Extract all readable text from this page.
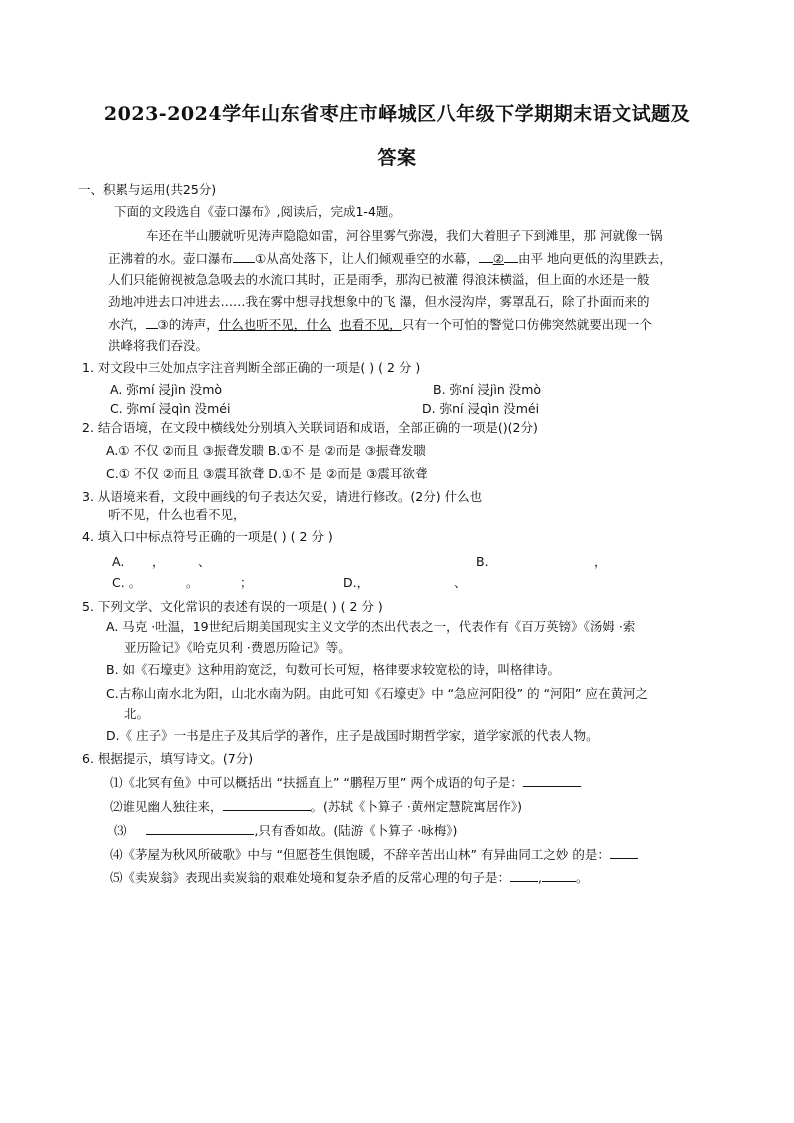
2023-2024学年山东省枣庄市峄城区八年级下学期期末语文试题及
答案
一、积累与运用(共25分)
下面的文段选自《壶口瀑布》,阅读后，完成1-4题。
车还在半山腰就听见涛声隐隐如雷，河谷里雾气弥漫，我们大着胆子下到滩里，那 河就像一锅
正沸着的水。壶口瀑布 ①从高处落下，让人们倾观垂空的水幕， ② 由平 地向更低的沟里跌去，
人们只能俯视被急急吸去的水流口其时，正是雨季，那沟已被灌 得浪沫横溢，但上面的水还是一般
劲地冲进去口冲进去……我在雾中想寻找想象中的飞 瀑，但水浸沟岸，雾罩乱石，除了扑面而来的
水汽， ③的涛声，什么也听不见，什么 也看不见，只有一个可怕的警觉口仿佛突然就要出现一个
洪峰将我们吞没。
1. 对文段中三处加点字注音判断全部正确的一项是( ) ( 2 分 )
A. 弥mí 浸jìn 没mò	B. 弥ní 浸jìn 没mò
C. 弥mí 浸qìn 没méi	D. 弥ní 浸qìn 没méi
2. 结合语境，在文段中横线处分别填入关联词语和成语，全部正确的一项是()(2分)
A.① 不仅 ②而且 ③振聋发聩 B.①不 是 ②而是 ③振聋发聩
C.① 不仅 ②而且 ③震耳欲聋 D.①不 是 ②而是 ③震耳欲聋
3. 从语境来看，文段中画线的句子表达欠妥，请进行修改。(2分) 什么也
听不见，什么也看不见，
4. 填入口中标点符号正确的一项是( ) ( 2 分 )
A. ，	、	B.	，
C. 。	。	；	D.，	、
5. 下列文学、文化常识的表述有误的一项是( ) ( 2 分 )
A. 马克 ·吐温，19世纪后期美国现实主义文学的杰出代表之一，代表作有《百万英镑》《汤姆 ·索
亚历险记》《哈克贝利 ·费恩历险记》等。
B. 如《石壕吏》这种用韵宽泛，句数可长可短，格律要求较宽松的诗，叫格律诗。
C.古称山南水北为阳，山北水南为阴。由此可知《石壕吏》中 “急应河阳役” 的 “河阳” 应在黄河之
北。
D.《 庄子》一书是庄子及其后学的著作，庄子是战国时期哲学家，道学家派的代表人物。
6. 根据提示，填写诗文。(7分)
⑴《北冥有鱼》中可以概括出 “扶摇直上” “鹏程万里” 两个成语的句子是：
⑵谁见幽人独往来，	。(苏轼《卜算子 ·黄州定慧院寓居作》)
⑶	,只有香如故。(陆游《卜算子 ·咏梅》)
⑷《茅屋为秋风所破歌》中与 “但愿苍生俱饱暖，不辞辛苦出山林” 有异曲同工之妙 的是：
⑸《卖炭翁》表现出卖炭翁的艰难处境和复杂矛盾的反常心理的句子是： ,	。
